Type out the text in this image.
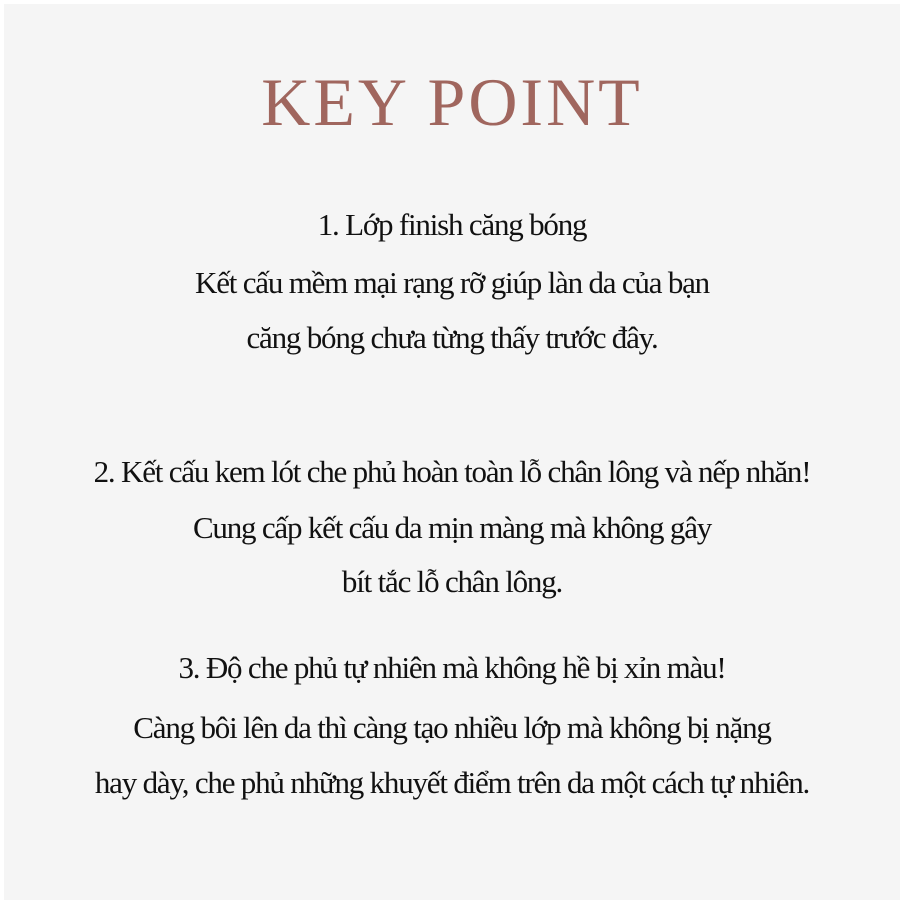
KEY POINT
1. Lớp finish căng bóng
Kết cấu mềm mại rạng rỡ giúp làn da của bạn
căng bóng chưa từng thấy trước đây.
2. Kết cấu kem lót che phủ hoàn toàn lỗ chân lông và nếp nhăn!
Cung cấp kết cấu da mịn màng mà không gây
bít tắc lỗ chân lông.
3. Độ che phủ tự nhiên mà không hề bị xỉn màu!
Càng bôi lên da thì càng tạo nhiều lớp mà không bị nặng
hay dày, che phủ những khuyết điểm trên da một cách tự nhiên.
